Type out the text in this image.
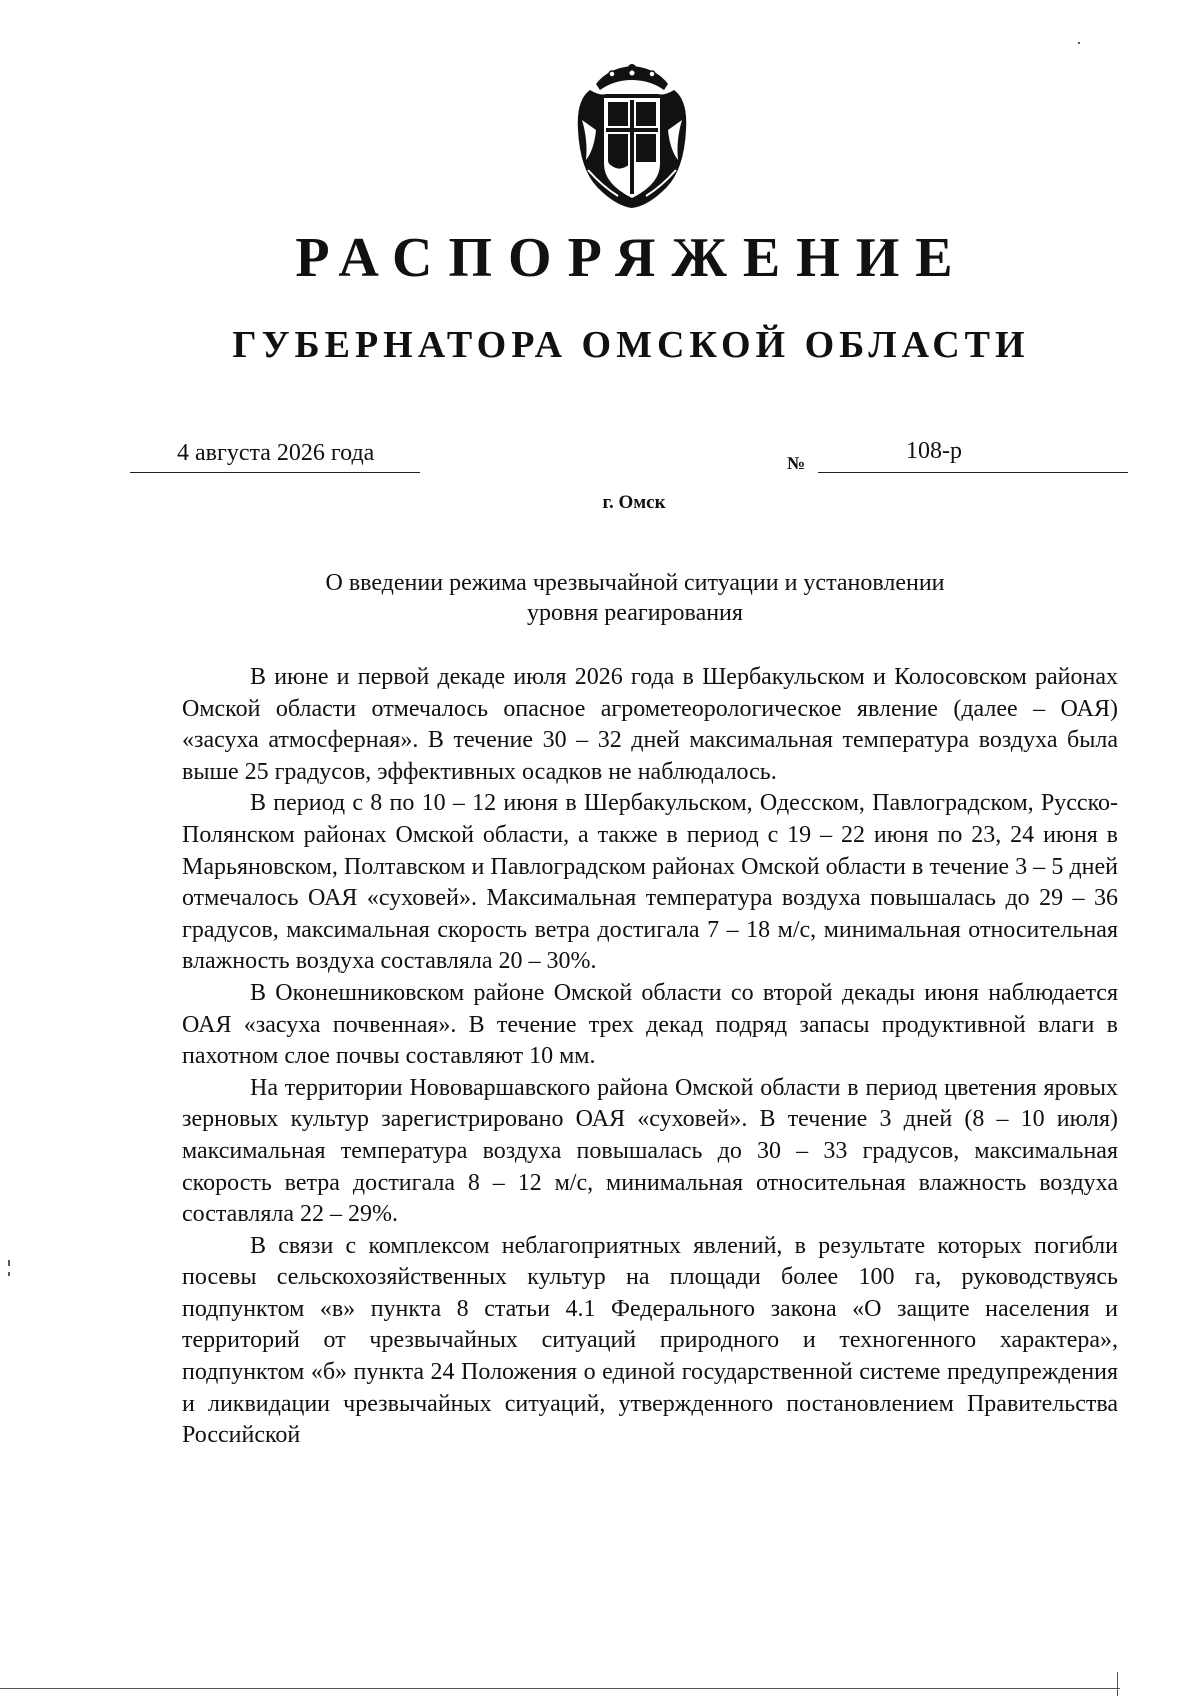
РАСПОРЯЖЕНИЕ
ГУБЕРНАТОРА ОМСКОЙ ОБЛАСТИ
4 августа 2026 года	№	108-р
г. Омск
О введении режима чрезвычайной ситуации и установлении
уровня реагирования

В июне и первой декаде июля 2026 года в Шербакульском и Колосовском районах Омской области отмечалось опасное агрометеорологическое явление (далее – ОАЯ) «засуха атмосферная». В течение 30 – 32 дней максимальная температура воздуха была выше 25 градусов, эффективных осадков не наблюдалось.

В период с 8 по 10 – 12 июня в Шербакульском, Одесском, Павлоградском, Русско-Полянском районах Омской области, а также в период с 19 – 22 июня по 23, 24 июня в Марьяновском, Полтавском и Павлоградском районах Омской области в течение 3 – 5 дней отмечалось ОАЯ «суховей». Максимальная температура воздуха повышалась до 29 – 36 градусов, максимальная скорость ветра достигала 7 – 18 м/с, минимальная относительная влажность воздуха составляла 20 – 30%.

В Оконешниковском районе Омской области со второй декады июня наблюдается ОАЯ «засуха почвенная». В течение трех декад подряд запасы продуктивной влаги в пахотном слое почвы составляют 10 мм.

На территории Нововаршавского района Омской области в период цветения яровых зерновых культур зарегистрировано ОАЯ «суховей». В течение 3 дней (8 – 10 июля) максимальная температура воздуха повышалась до 30 – 33 градусов, максимальная скорость ветра достигала 8 – 12 м/с, минимальная относительная влажность воздуха составляла 22 – 29%.

В связи с комплексом неблагоприятных явлений, в результате которых погибли посевы сельскохозяйственных культур на площади более 100 га, руководствуясь подпунктом «в» пункта 8 статьи 4.1 Федерального закона «О защите населения и территорий от чрезвычайных ситуаций природного и техногенного характера», подпунктом «б» пункта 24 Положения о единой государственной системе предупреждения и ликвидации чрезвычайных ситуаций, утвержденного постановлением Правительства Российской
